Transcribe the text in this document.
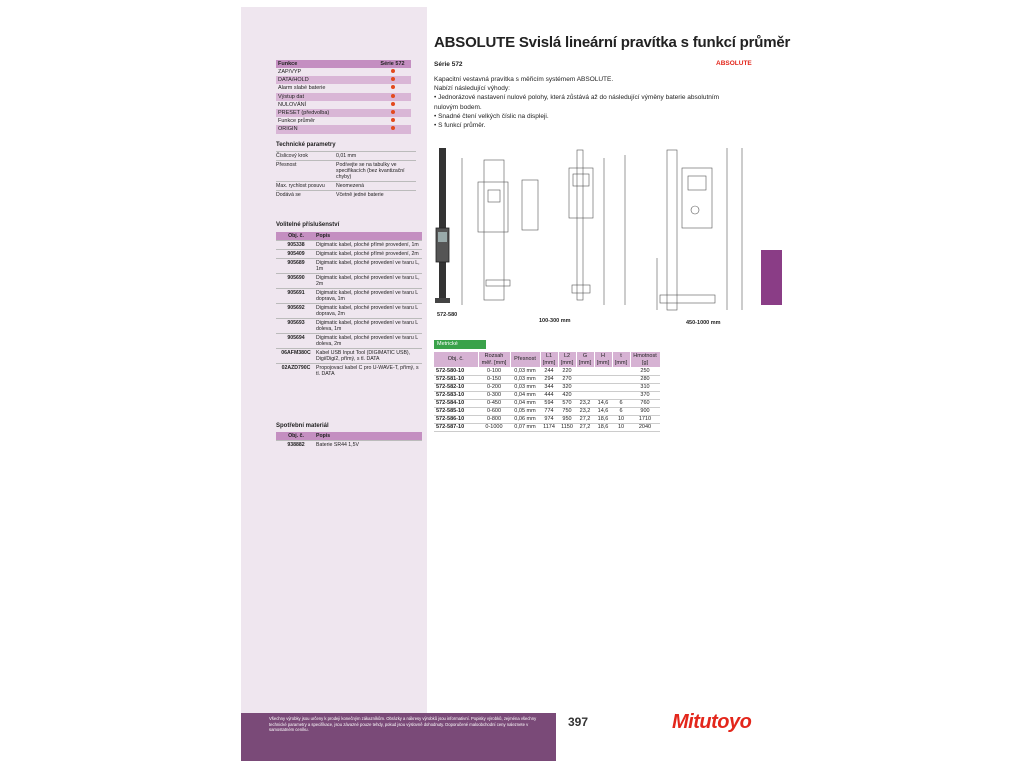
Funkce	Série 572
ZAP/VYP
DATA/HOLD
Alarm slabé baterie
Výstup dat
NULOVÁNÍ
PRESET (předvolba)
Funkce průměr
ORIGIN
Technické parametry
Číslicový krok	0,01 mm
Přesnost	Podívejte se na tabulky ve specifikacích (bez kvantizační chyby)
Max. rychlost posuvu	Neomezená
Dodává se	Včetně jedné baterie
Volitelné příslušenství
Obj. č.	Popis
905338	Digimatic kabel, ploché přímé provedení, 1m
905409	Digimatic kabel, ploché přímé provedení, 2m
905689	Digimatic kabel, ploché provedení ve tvaru L, 1m
905690	Digimatic kabel, ploché provedení ve tvaru L, 2m
905691	Digimatic kabel, ploché provedení ve tvaru L doprava, 1m
905692	Digimatic kabel, ploché provedení ve tvaru L doprava, 2m
905693	Digimatic kabel, ploché provedení ve tvaru L doleva, 1m
905694	Digimatic kabel, ploché provedení ve tvaru L doleva, 2m
06AFM380C	Kabel USB Input Tool (DIGIMATIC USB), Digi/Digi2, přímý, s tl. DATA
02AZD790C	Propojovací kabel C pro U-WAVE-T, přímý, s tl. DATA
Spotřební materiál
Obj. č.	Popis
938882	Baterie SR44 1,5V
ABSOLUTE Svislá lineární pravítka s funkcí průměr
Série 572	ABSOLUTE
Kapacitní vestavná pravítka s měřicím systémem ABSOLUTE.
Nabízí následující výhody:
• Jednorázové nastavení nulové polohy, která zůstává až do následující výměny baterie absolutním nulovým bodem.
• Snadné čtení velkých číslic na displeji.
• S funkcí průměr.
572-580
100-300 mm	450-1000 mm
Metrické
Obj. č.	Rozsah měř. [mm]	Přesnost	L1 [mm]	L2 [mm]	G [mm]	H [mm]	t [mm]	Hmotnost [g]
572-580-10	0-100	0,03 mm	244	220				250
572-581-10	0-150	0,03 mm	294	270				280
572-582-10	0-200	0,03 mm	344	320				310
572-583-10	0-300	0,04 mm	444	420				370
572-584-10	0-450	0,04 mm	594	570	23,2	14,6	6	760
572-585-10	0-600	0,05 mm	774	750	23,2	14,6	6	900
572-586-10	0-800	0,06 mm	974	950	27,2	18,6	10	1710
572-587-10	0-1000	0,07 mm	1174	1150	27,2	18,6	10	2040
Všechny výrobky jsou určeny k prodeji konečným zákazníkům. Obrázky a nákresy výrobků jsou informativní. Popisky výrobků, zejména všechny technické parametry a specifikace, jsou závazné pouze tehdy, pokud jsou výslovně dohodnuty. Doporučené maloobchodní ceny naleznete v samostatném ceníku.
397	Mitutoyo
